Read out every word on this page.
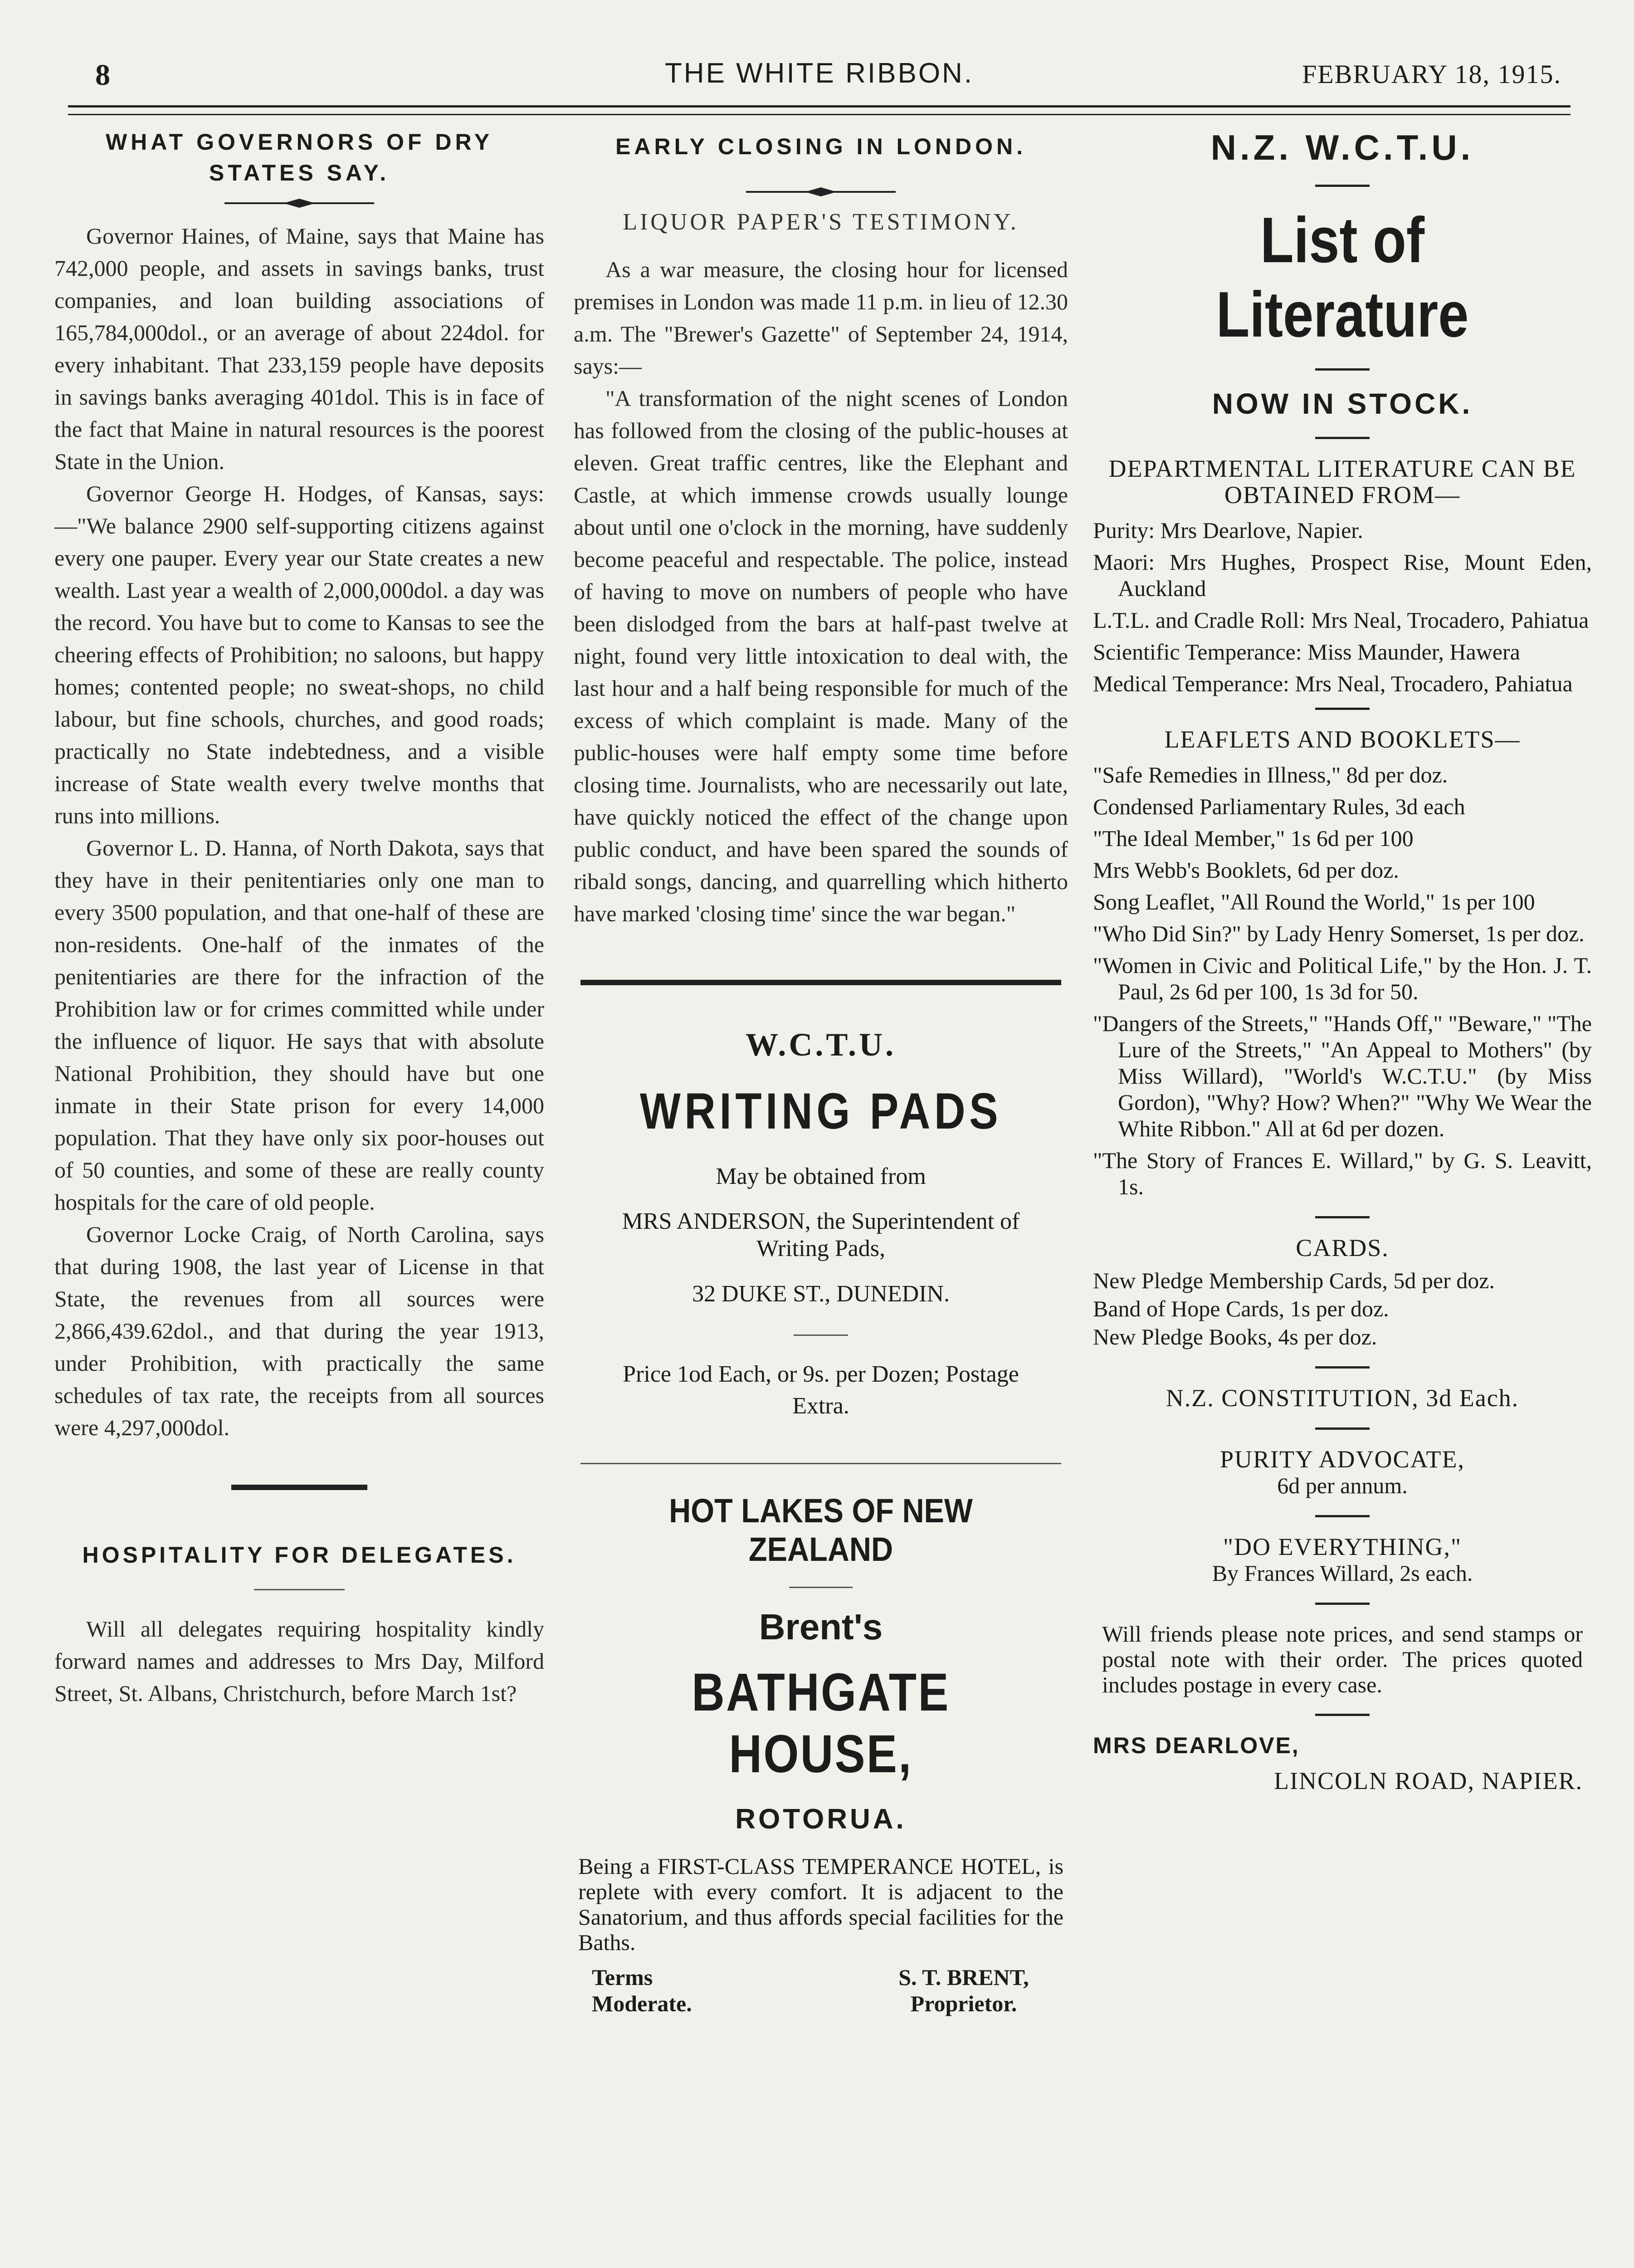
8	THE WHITE RIBBON.	FEBRUARY 18, 1915.
WHAT GOVERNORS OF DRY STATES SAY.

Governor Haines, of Maine, says that Maine has 742,000 people, and assets in savings banks, trust companies, and loan building associations of 165,784,000dol., or an average of about 224dol. for every inhabitant. That 233,159 people have deposits in savings banks averaging 401dol. This is in face of the fact that Maine in natural resources is the poorest State in the Union.

Governor George H. Hodges, of Kansas, says:—"We balance 2900 self-supporting citizens against every one pauper. Every year our State creates a new wealth. Last year a wealth of 2,000,000dol. a day was the record. You have but to come to Kansas to see the cheering effects of Prohibition; no saloons, but happy homes; contented people; no sweat-shops, no child labour, but fine schools, churches, and good roads; practically no State indebtedness, and a visible increase of State wealth every twelve months that runs into millions.

Governor L. D. Hanna, of North Dakota, says that they have in their penitentiaries only one man to every 3500 population, and that one-half of these are non-residents. One-half of the inmates of the penitentiaries are there for the infraction of the Prohibition law or for crimes committed while under the influence of liquor. He says that with absolute National Prohibition, they should have but one inmate in their State prison for every 14,000 population. That they have only six poor-houses out of 50 counties, and some of these are really county hospitals for the care of old people.

Governor Locke Craig, of North Carolina, says that during 1908, the last year of License in that State, the revenues from all sources were 2,866,439.62dol., and that during the year 1913, under Prohibition, with practically the same schedules of tax rate, the receipts from all sources were 4,297,000dol.

HOSPITALITY FOR DELEGATES.

Will all delegates requiring hospitality kindly forward names and addresses to Mrs Day, Milford Street, St. Albans, Christchurch, before March 1st?

EARLY CLOSING IN LONDON.
LIQUOR PAPER'S TESTIMONY.

As a war measure, the closing hour for licensed premises in London was made 11 p.m. in lieu of 12.30 a.m. The "Brewer's Gazette" of September 24, 1914, says:—

"A transformation of the night scenes of London has followed from the closing of the public-houses at eleven. Great traffic centres, like the Elephant and Castle, at which immense crowds usually lounge about until one o'clock in the morning, have suddenly become peaceful and respectable. The police, instead of having to move on numbers of people who have been dislodged from the bars at half-past twelve at night, found very little intoxication to deal with, the last hour and a half being responsible for much of the excess of which complaint is made. Many of the public-houses were half empty some time before closing time. Journalists, who are necessarily out late, have quickly noticed the effect of the change upon public conduct, and have been spared the sounds of ribald songs, dancing, and quarrelling which hitherto have marked 'closing time' since the war began."

W.C.T.U.
WRITING PADS

May be obtained from

MRS ANDERSON, the Superintendent of Writing Pads,

32 DUKE ST., DUNEDIN.

Price 1od Each, or 9s. per Dozen; Postage Extra.

HOT LAKES OF NEW ZEALAND
Brent's
BATHGATE HOUSE,
ROTORUA.

Being a FIRST-CLASS TEMPERANCE HOTEL, is replete with every comfort. It is adjacent to the Sanatorium, and thus affords special facilities for the Baths.

Terms Moderate.
S. T. BRENT, Proprietor.
N.Z. W.C.T.U.
List of Literature
NOW IN STOCK.
DEPARTMENTAL LITERATURE CAN BE OBTAINED FROM—
Purity: Mrs Dearlove, Napier.
Maori: Mrs Hughes, Prospect Rise, Mount Eden, Auckland
L.T.L. and Cradle Roll: Mrs Neal, Trocadero, Pahiatua
Scientific Temperance: Miss Maunder, Hawera
Medical Temperance: Mrs Neal, Trocadero, Pahiatua
LEAFLETS AND BOOKLETS—
"Safe Remedies in Illness," 8d per doz.
Condensed Parliamentary Rules, 3d each
"The Ideal Member," 1s 6d per 100
Mrs Webb's Booklets, 6d per doz.
Song Leaflet, "All Round the World," 1s per 100
"Who Did Sin?" by Lady Henry Somerset, 1s per doz.
"Women in Civic and Political Life," by the Hon. J. T. Paul, 2s 6d per 100, 1s 3d for 50.
"Dangers of the Streets," "Hands Off," "Beware," "The Lure of the Streets," "An Appeal to Mothers" (by Miss Willard), "World's W.C.T.U." (by Miss Gordon), "Why? How? When?" "Why We Wear the White Ribbon." All at 6d per dozen.
"The Story of Frances E. Willard," by G. S. Leavitt, 1s.
CARDS.
New Pledge Membership Cards, 5d per doz.
Band of Hope Cards, 1s per doz.
New Pledge Books, 4s per doz.
N.Z. CONSTITUTION, 3d Each.
PURITY ADVOCATE,
6d per annum.
"DO EVERYTHING,"
By Frances Willard, 2s each.
Will friends please note prices, and send stamps or postal note with their order. The prices quoted includes postage in every case.
MRS DEARLOVE,
LINCOLN ROAD, NAPIER.
